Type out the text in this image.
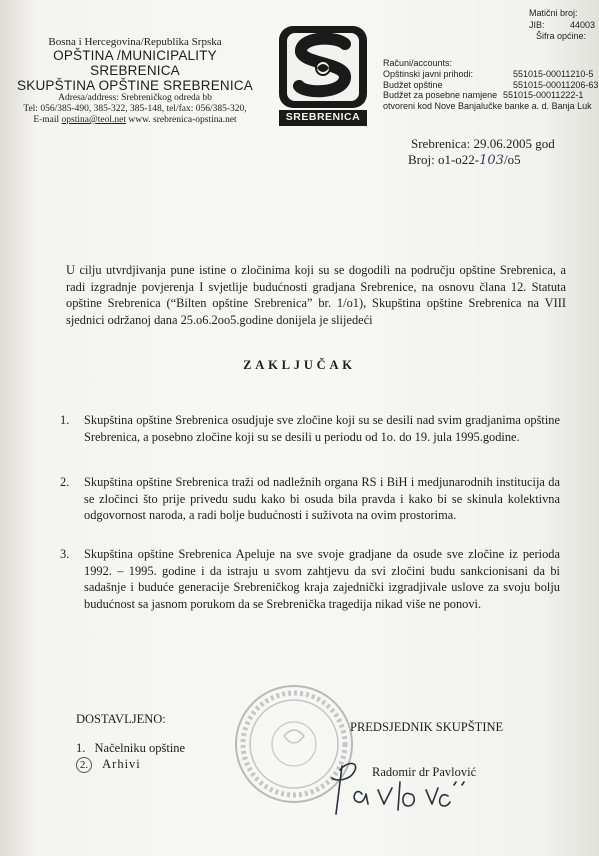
Bosna i Hercegovina/Republika Srpska
OPŠTINA /MUNICIPALITY
SREBRENICA
SKUPŠTINA OPŠTINE SREBRENICA
Adresa/address: Srebreničkog odreda bb
Tel: 056/385-490, 385-322, 385-148, tel/fax: 056/385-320,
E-mail opstina@teol.net www. srebrenica-opstina.net	SREBRENICA
Matični broj:
JIB:	44003
Šifra općine:
Računi/accounts:
Opštinski javni prihodi:	551015-00011210-5
Budžet opštine	551015-00011206-63
Budžet za posebne namjene 551015-00011222-1
otvoreni kod Nove Banjalučke banke a. d. Banja Luk
Srebrenica: 29.06.2005 god
Broj: o1-o22-103/o5
U cilju utvrdjivanja pune istine o zločinima koji su se dogodili na području opštine Srebrenica, a radi izgradnje povjerenja I svjetlije budućnosti gradjana Srebrenice, na osnovu člana 12. Statuta opštine Srebrenica (“Bilten opštine Srebrenica” br. 1/o1), Skupština opštine Srebrenica na VIII sjednici održanoj dana 25.o6.2oo5.godine donijela je slijedeći
ZAKLJUČAK
1. Skupština opštine Srebrenica osudjuje sve zločine koji su se desili nad svim gradjanima opštine Srebrenica, a posebno zločine koji su se desili u periodu od 1o. do 19. jula 1995.godine.
2. Skupština opštine Srebrenica traži od nadležnih organa RS i BiH i medjunarodnih institucija da se zločinci što prije privedu sudu kako bi osuda bila pravda i kako bi se skinula kolektivna odgovornost naroda, a radi bolje budućnosti i suživota na ovim prostorima.
3. Skupština opštine Srebrenica Apeluje na sve svoje gradjane da osude sve zločine iz perioda 1992. – 1995. godine i da istraju u svom zahtjevu da svi zločini budu sankcionisani da bi sadašnje i buduće generacije Srebreničkog kraja zajednički izgradjivale uslove za svoju bolju budućnost sa jasnom porukom da se Srebrenička tragedija nikad više ne ponovi.
DOSTAVLJENO:
1. Načelniku opštine
2. Arhivi
PREDSJEDNIK SKUPŠTINE
Radomir dr Pavlović
